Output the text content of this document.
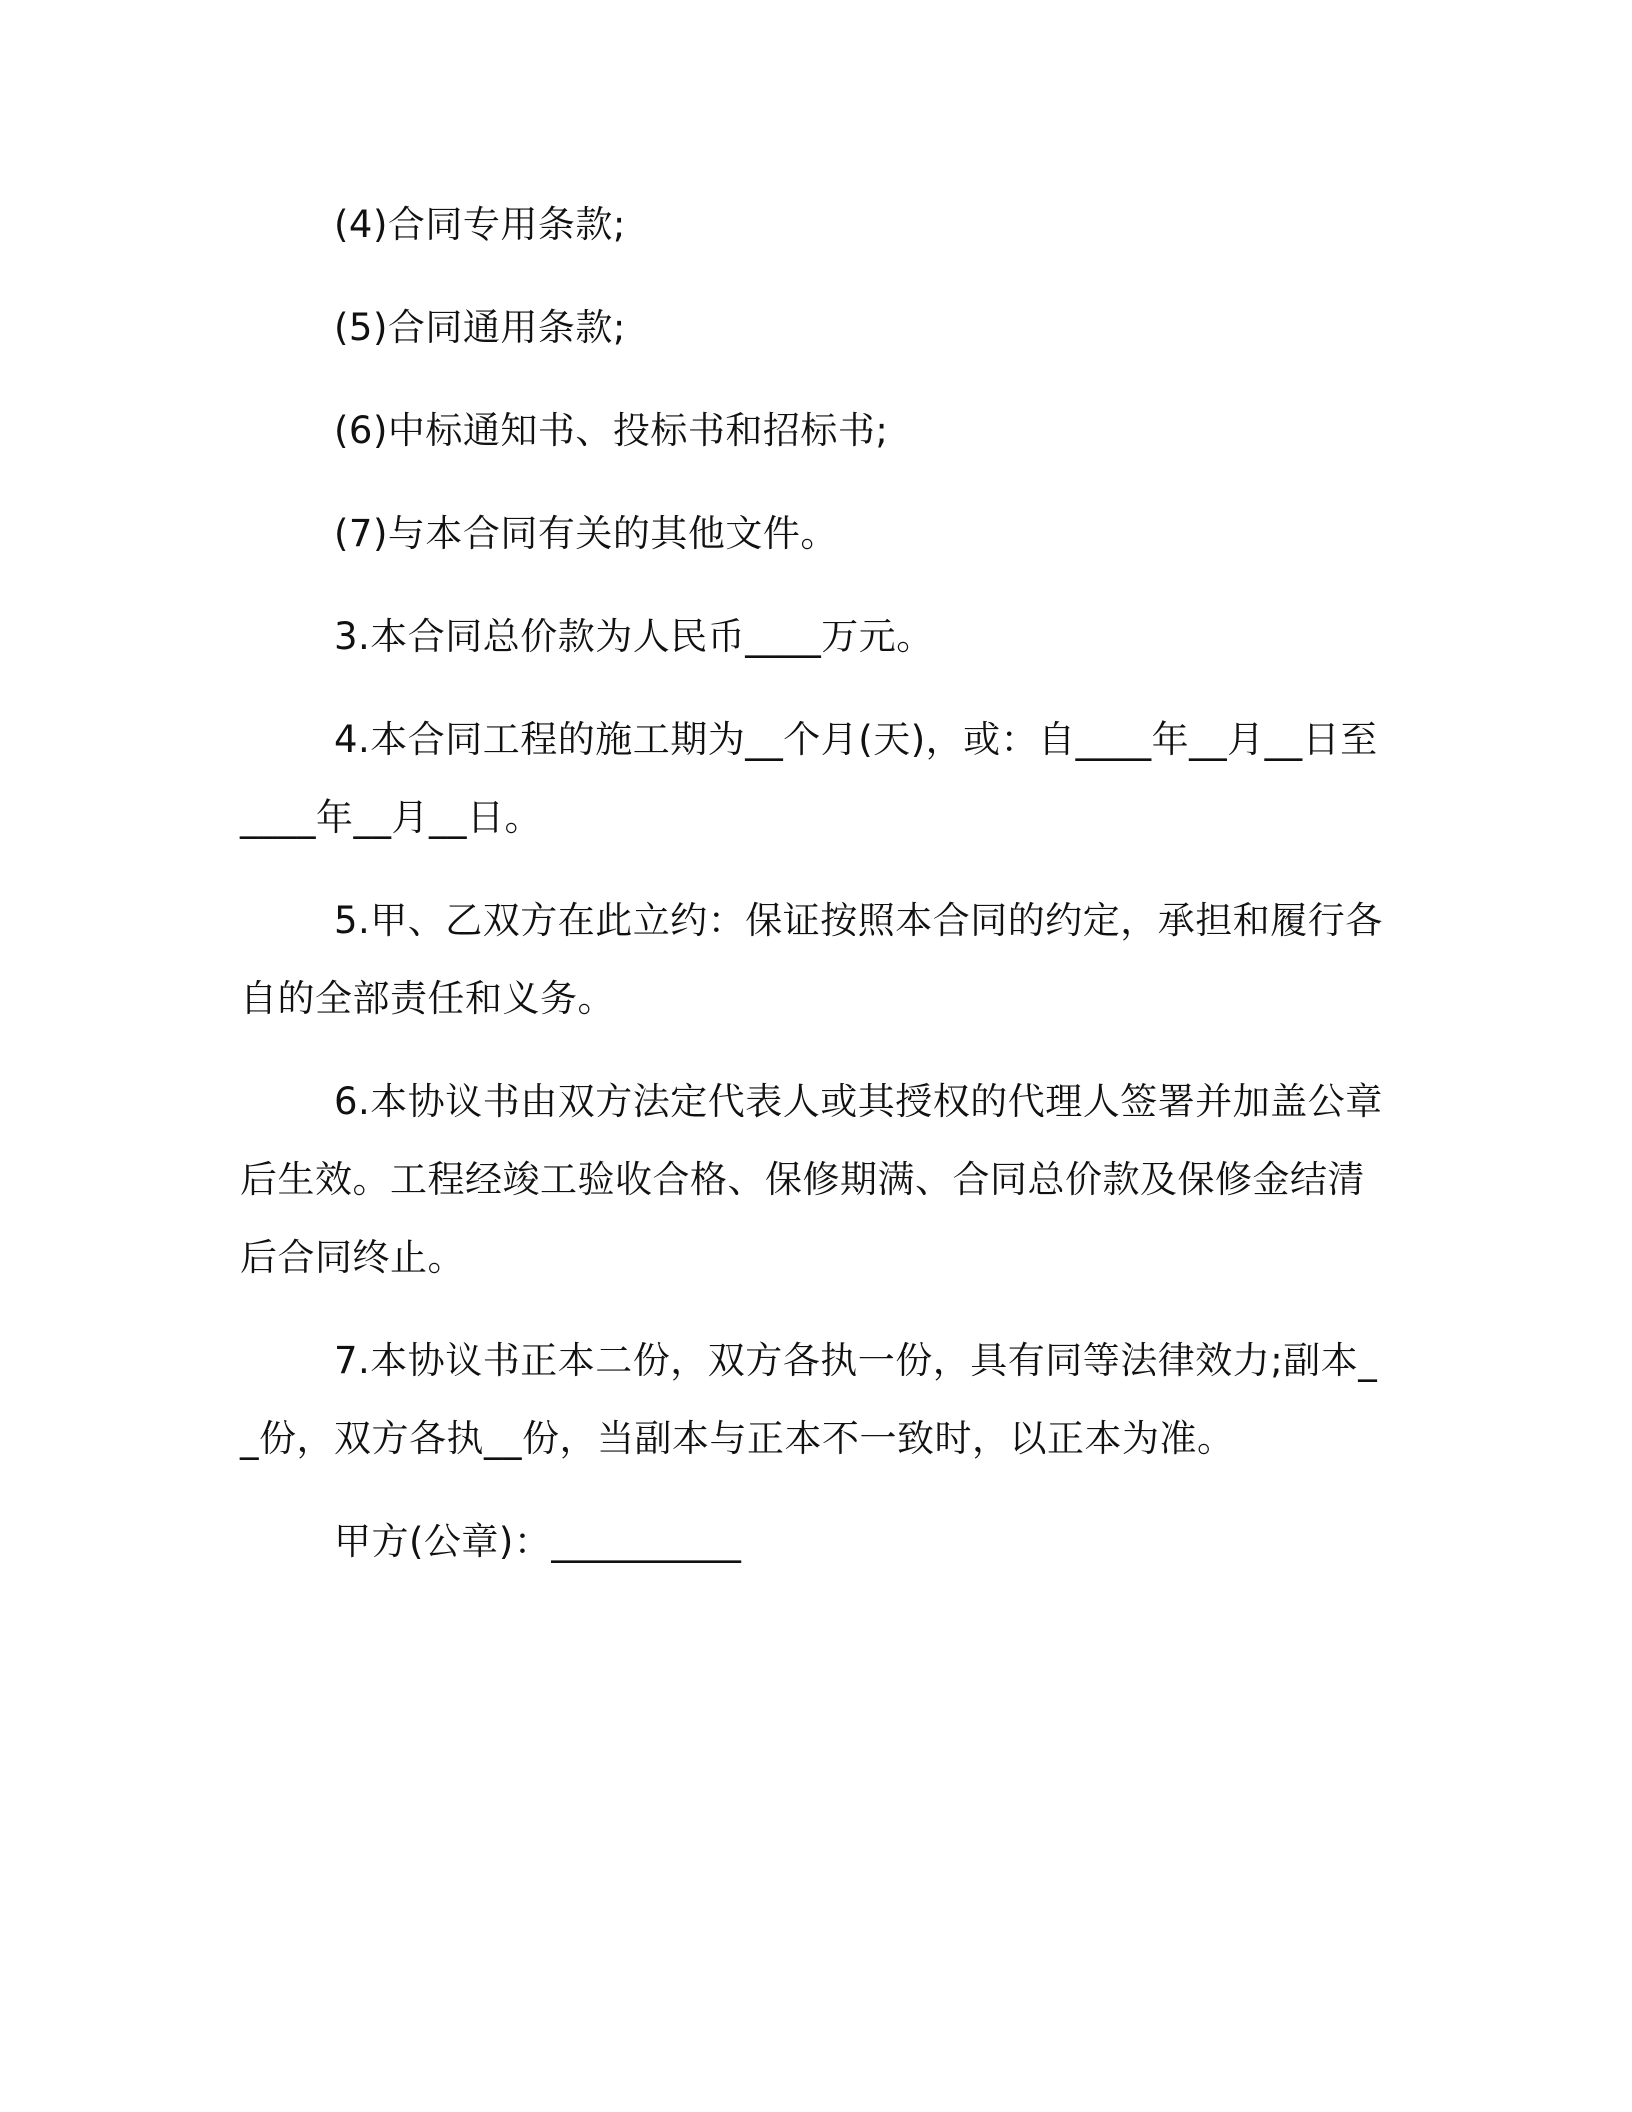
(4)合同专用条款;

(5)合同通用条款;

(6)中标通知书、投标书和招标书;

(7)与本合同有关的其他文件。

3.本合同总价款为人民币____万元。

4.本合同工程的施工期为__个月(天)，或：自____年__月__日至____年__月__日。

5.甲、乙双方在此立约：保证按照本合同的约定，承担和履行各自的全部责任和义务。

6.本协议书由双方法定代表人或其授权的代理人签署并加盖公章后生效。工程经竣工验收合格、保修期满、合同总价款及保修金结清后合同终止。

7.本协议书正本二份，双方各执一份，具有同等法律效力;副本__份，双方各执__份，当副本与正本不一致时，以正本为准。

甲方(公章)：__________
